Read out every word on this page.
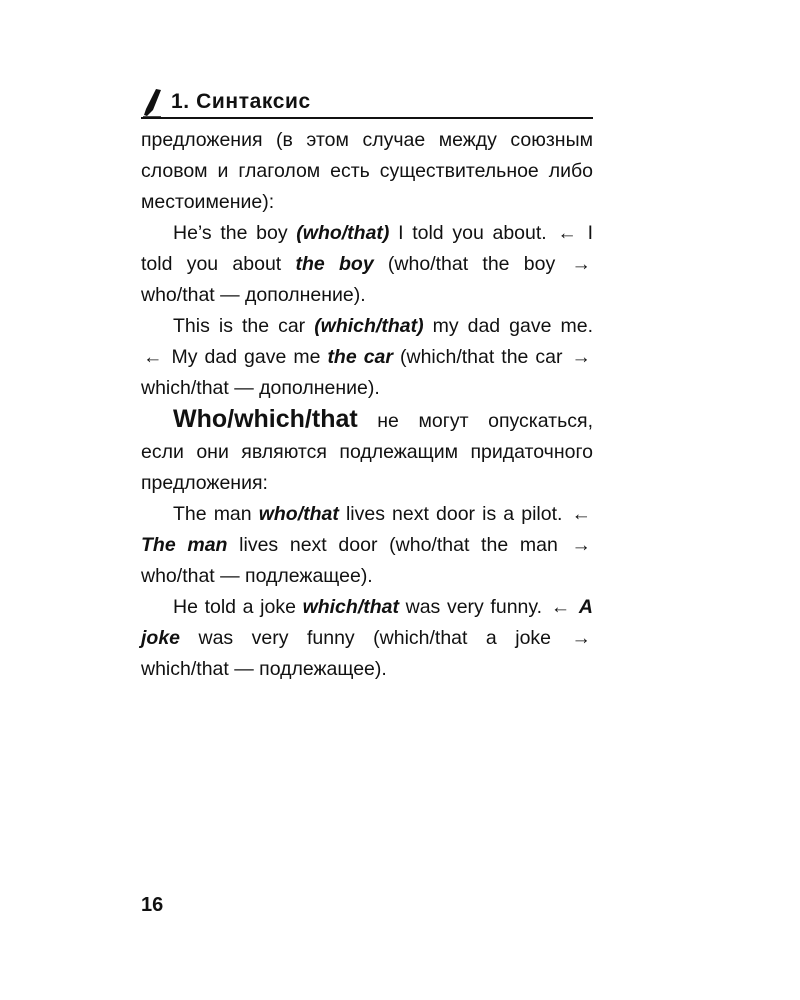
1. Синтаксис

предложения (в этом случае между союзным словом и глаголом есть существительное либо местоимение):

He’s the boy (who/that) I told you about. ← I told you about the boy (who/that the boy → who/that — дополнение).

This is the car (which/that) my dad gave me. ← My dad gave me the car (which/that the car → which/that — дополнение).

Who/which/that не могут опускаться, если они являются подлежащим придаточного предложения:

The man who/that lives next door is a pilot. ← The man lives next door (who/that the man → who/that — подлежащее).

He told a joke which/that was very funny. ← A joke was very funny (which/that a joke → which/that — подлежащее).

16
